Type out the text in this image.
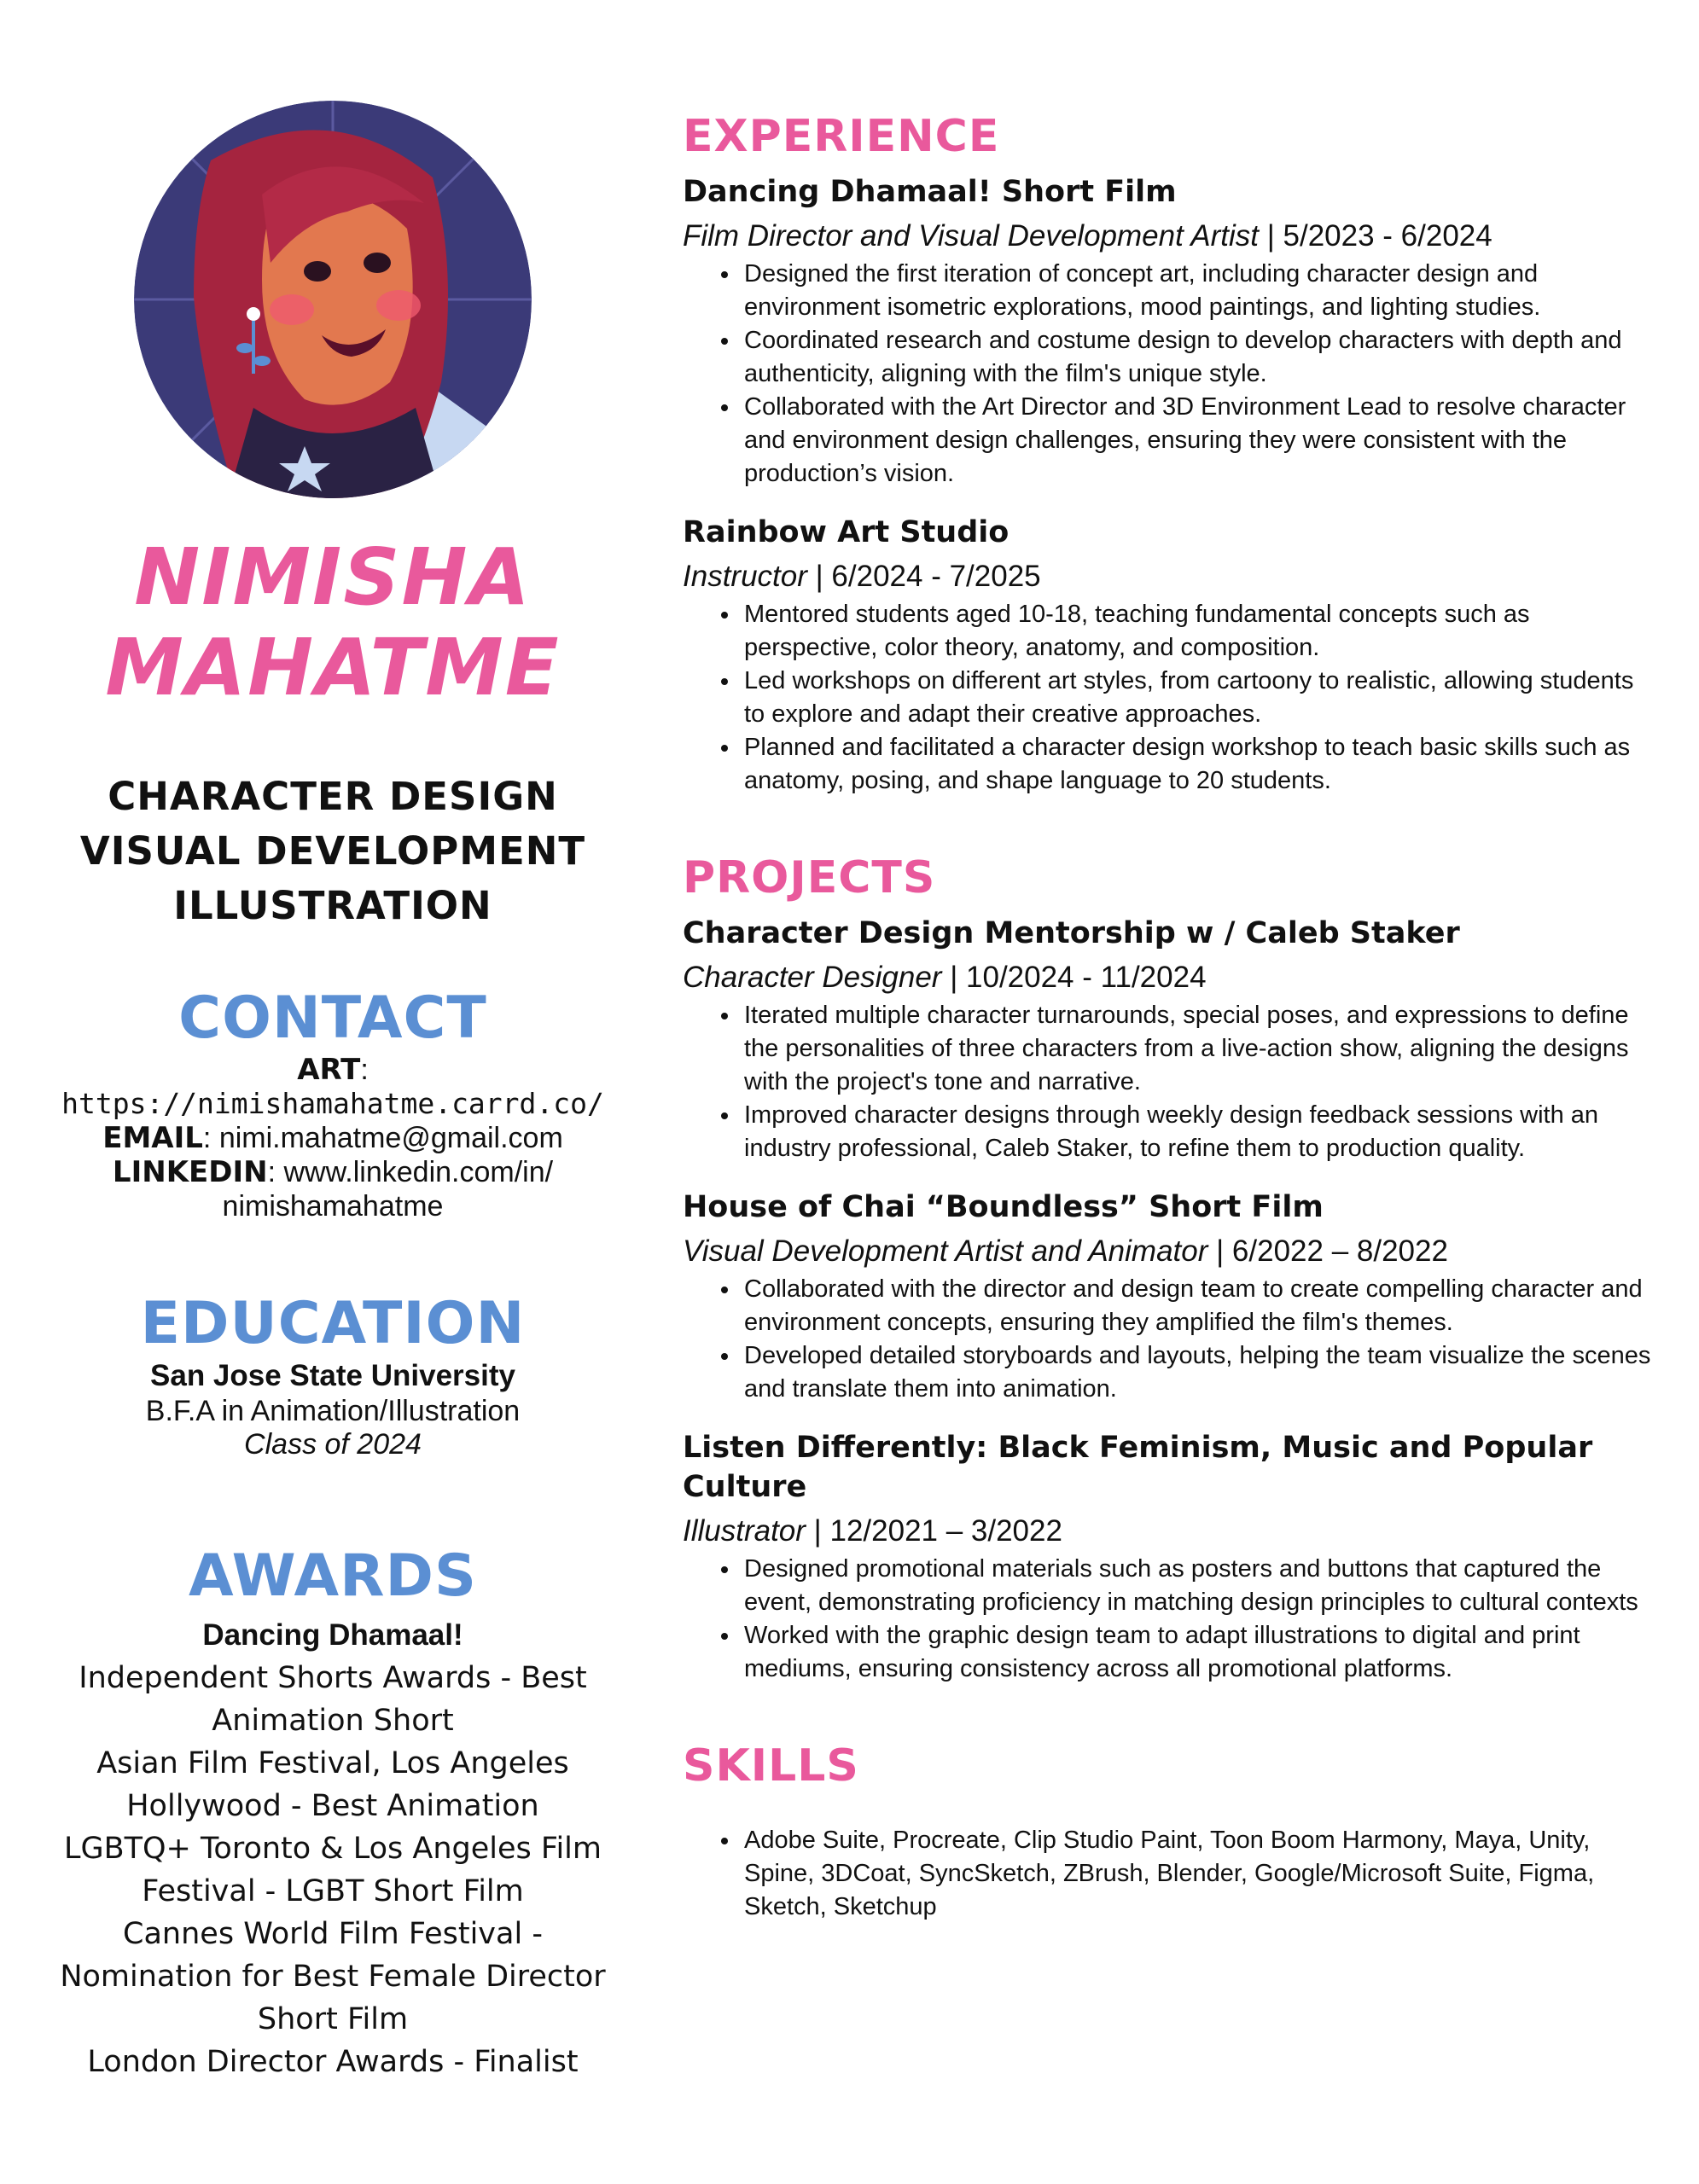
NIMISHA
MAHATME
CHARACTER DESIGN
VISUAL DEVELOPMENT
ILLUSTRATION
CONTACT
ART: https://nimishamahatme.carrd.co/
EMAIL: nimi.mahatme@gmail.com
LINKEDIN: www.linkedin.com/in/
nimishamahatme
EDUCATION
San Jose State University
B.F.A in Animation/Illustration
Class of 2024
AWARDS
Dancing Dhamaal!
Independent Shorts Awards - Best
Animation Short
Asian Film Festival, Los Angeles
Hollywood - Best Animation
LGBTQ+ Toronto & Los Angeles Film
Festival - LGBT Short Film
Cannes World Film Festival -
Nomination for Best Female Director
Short Film
London Director Awards - Finalist
EXPERIENCE
Dancing Dhamaal! Short Film
Film Director and Visual Development Artist | 5/2023 - 6/2024
• Designed the first iteration of concept art, including character design and environment isometric explorations, mood paintings, and lighting studies.
• Coordinated research and costume design to develop characters with depth and authenticity, aligning with the film's unique style.
• Collaborated with the Art Director and 3D Environment Lead to resolve character and environment design challenges, ensuring they were consistent with the production’s vision.
Rainbow Art Studio
Instructor | 6/2024 - 7/2025
• Mentored students aged 10-18, teaching fundamental concepts such as perspective, color theory, anatomy, and composition.
• Led workshops on different art styles, from cartoony to realistic, allowing students to explore and adapt their creative approaches.
• Planned and facilitated a character design workshop to teach basic skills such as anatomy, posing, and shape language to 20 students.
PROJECTS
Character Design Mentorship w / Caleb Staker
Character Designer | 10/2024 - 11/2024
• Iterated multiple character turnarounds, special poses, and expressions to define the personalities of three characters from a live-action show, aligning the designs with the project's tone and narrative.
• Improved character designs through weekly design feedback sessions with an industry professional, Caleb Staker, to refine them to production quality.
House of Chai “Boundless” Short Film
Visual Development Artist and Animator | 6/2022 – 8/2022
• Collaborated with the director and design team to create compelling character and environment concepts, ensuring they amplified the film's themes.
• Developed detailed storyboards and layouts, helping the team visualize the scenes and translate them into animation.
Listen Differently: Black Feminism, Music and Popular Culture
Illustrator | 12/2021 – 3/2022
• Designed promotional materials such as posters and buttons that captured the event, demonstrating proficiency in matching design principles to cultural contexts
• Worked with the graphic design team to adapt illustrations to digital and print mediums, ensuring consistency across all promotional platforms.
SKILLS
• Adobe Suite, Procreate, Clip Studio Paint, Toon Boom Harmony, Maya, Unity, Spine, 3DCoat, SyncSketch, ZBrush, Blender, Google/Microsoft Suite, Figma, Sketch, Sketchup
